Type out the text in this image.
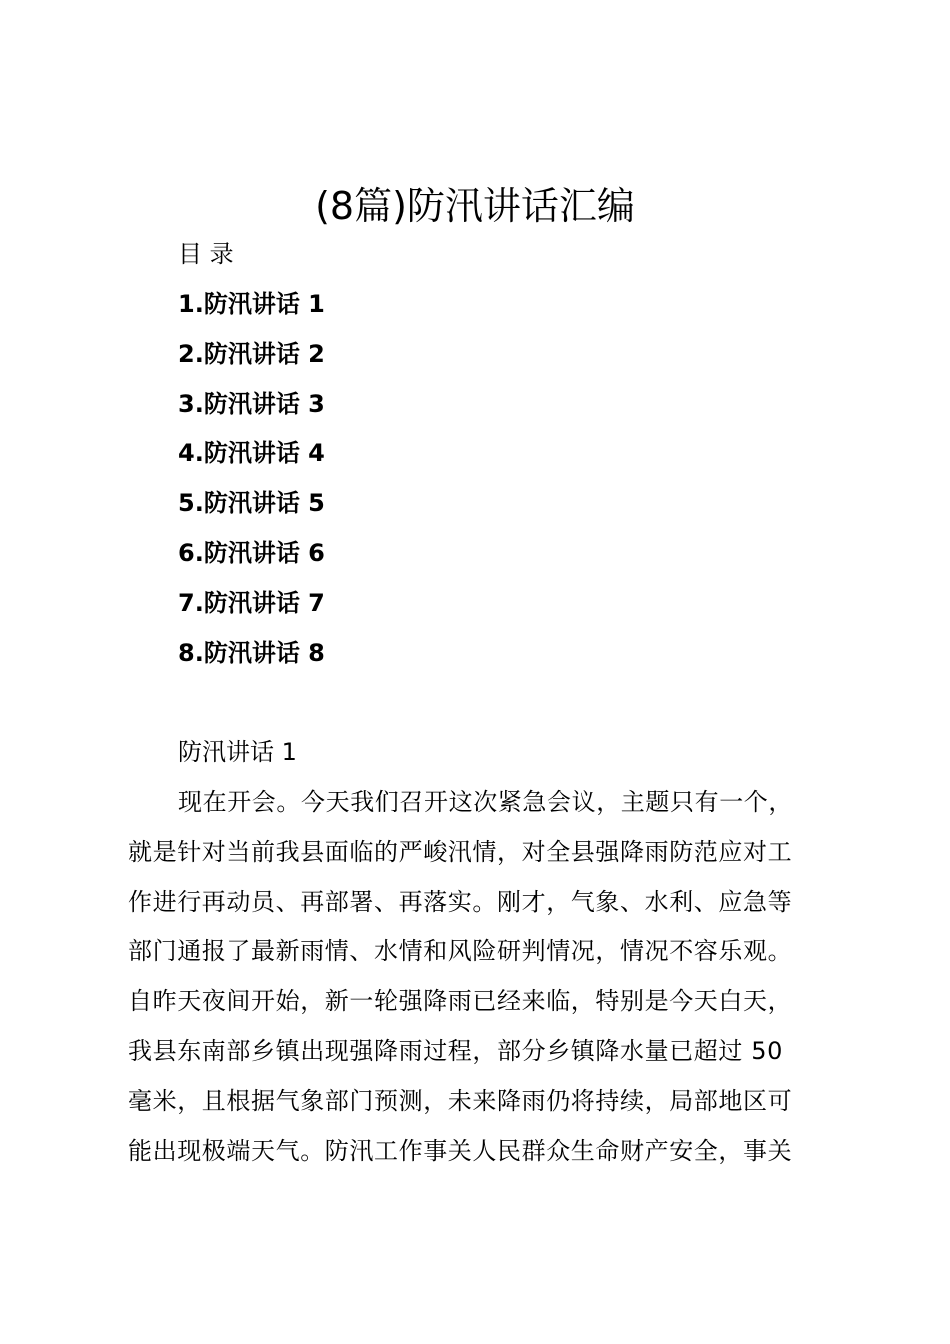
(8篇)防汛讲话汇编
目 录
1.防汛讲话 1
2.防汛讲话 2
3.防汛讲话 3
4.防汛讲话 4
5.防汛讲话 5
6.防汛讲话 6
7.防汛讲话 7
8.防汛讲话 8
防汛讲话 1
现在开会。今天我们召开这次紧急会议，主题只有一个，
就是针对当前我县面临的严峻汛情，对全县强降雨防范应对工
作进行再动员、再部署、再落实。刚才，气象、水利、应急等
部门通报了最新雨情、水情和风险研判情况，情况不容乐观。
自昨天夜间开始，新一轮强降雨已经来临，特别是今天白天，
我县东南部乡镇出现强降雨过程，部分乡镇降水量已超过 50
毫米，且根据气象部门预测，未来降雨仍将持续，局部地区可
能出现极端天气。防汛工作事关人民群众生命财产安全，事关
